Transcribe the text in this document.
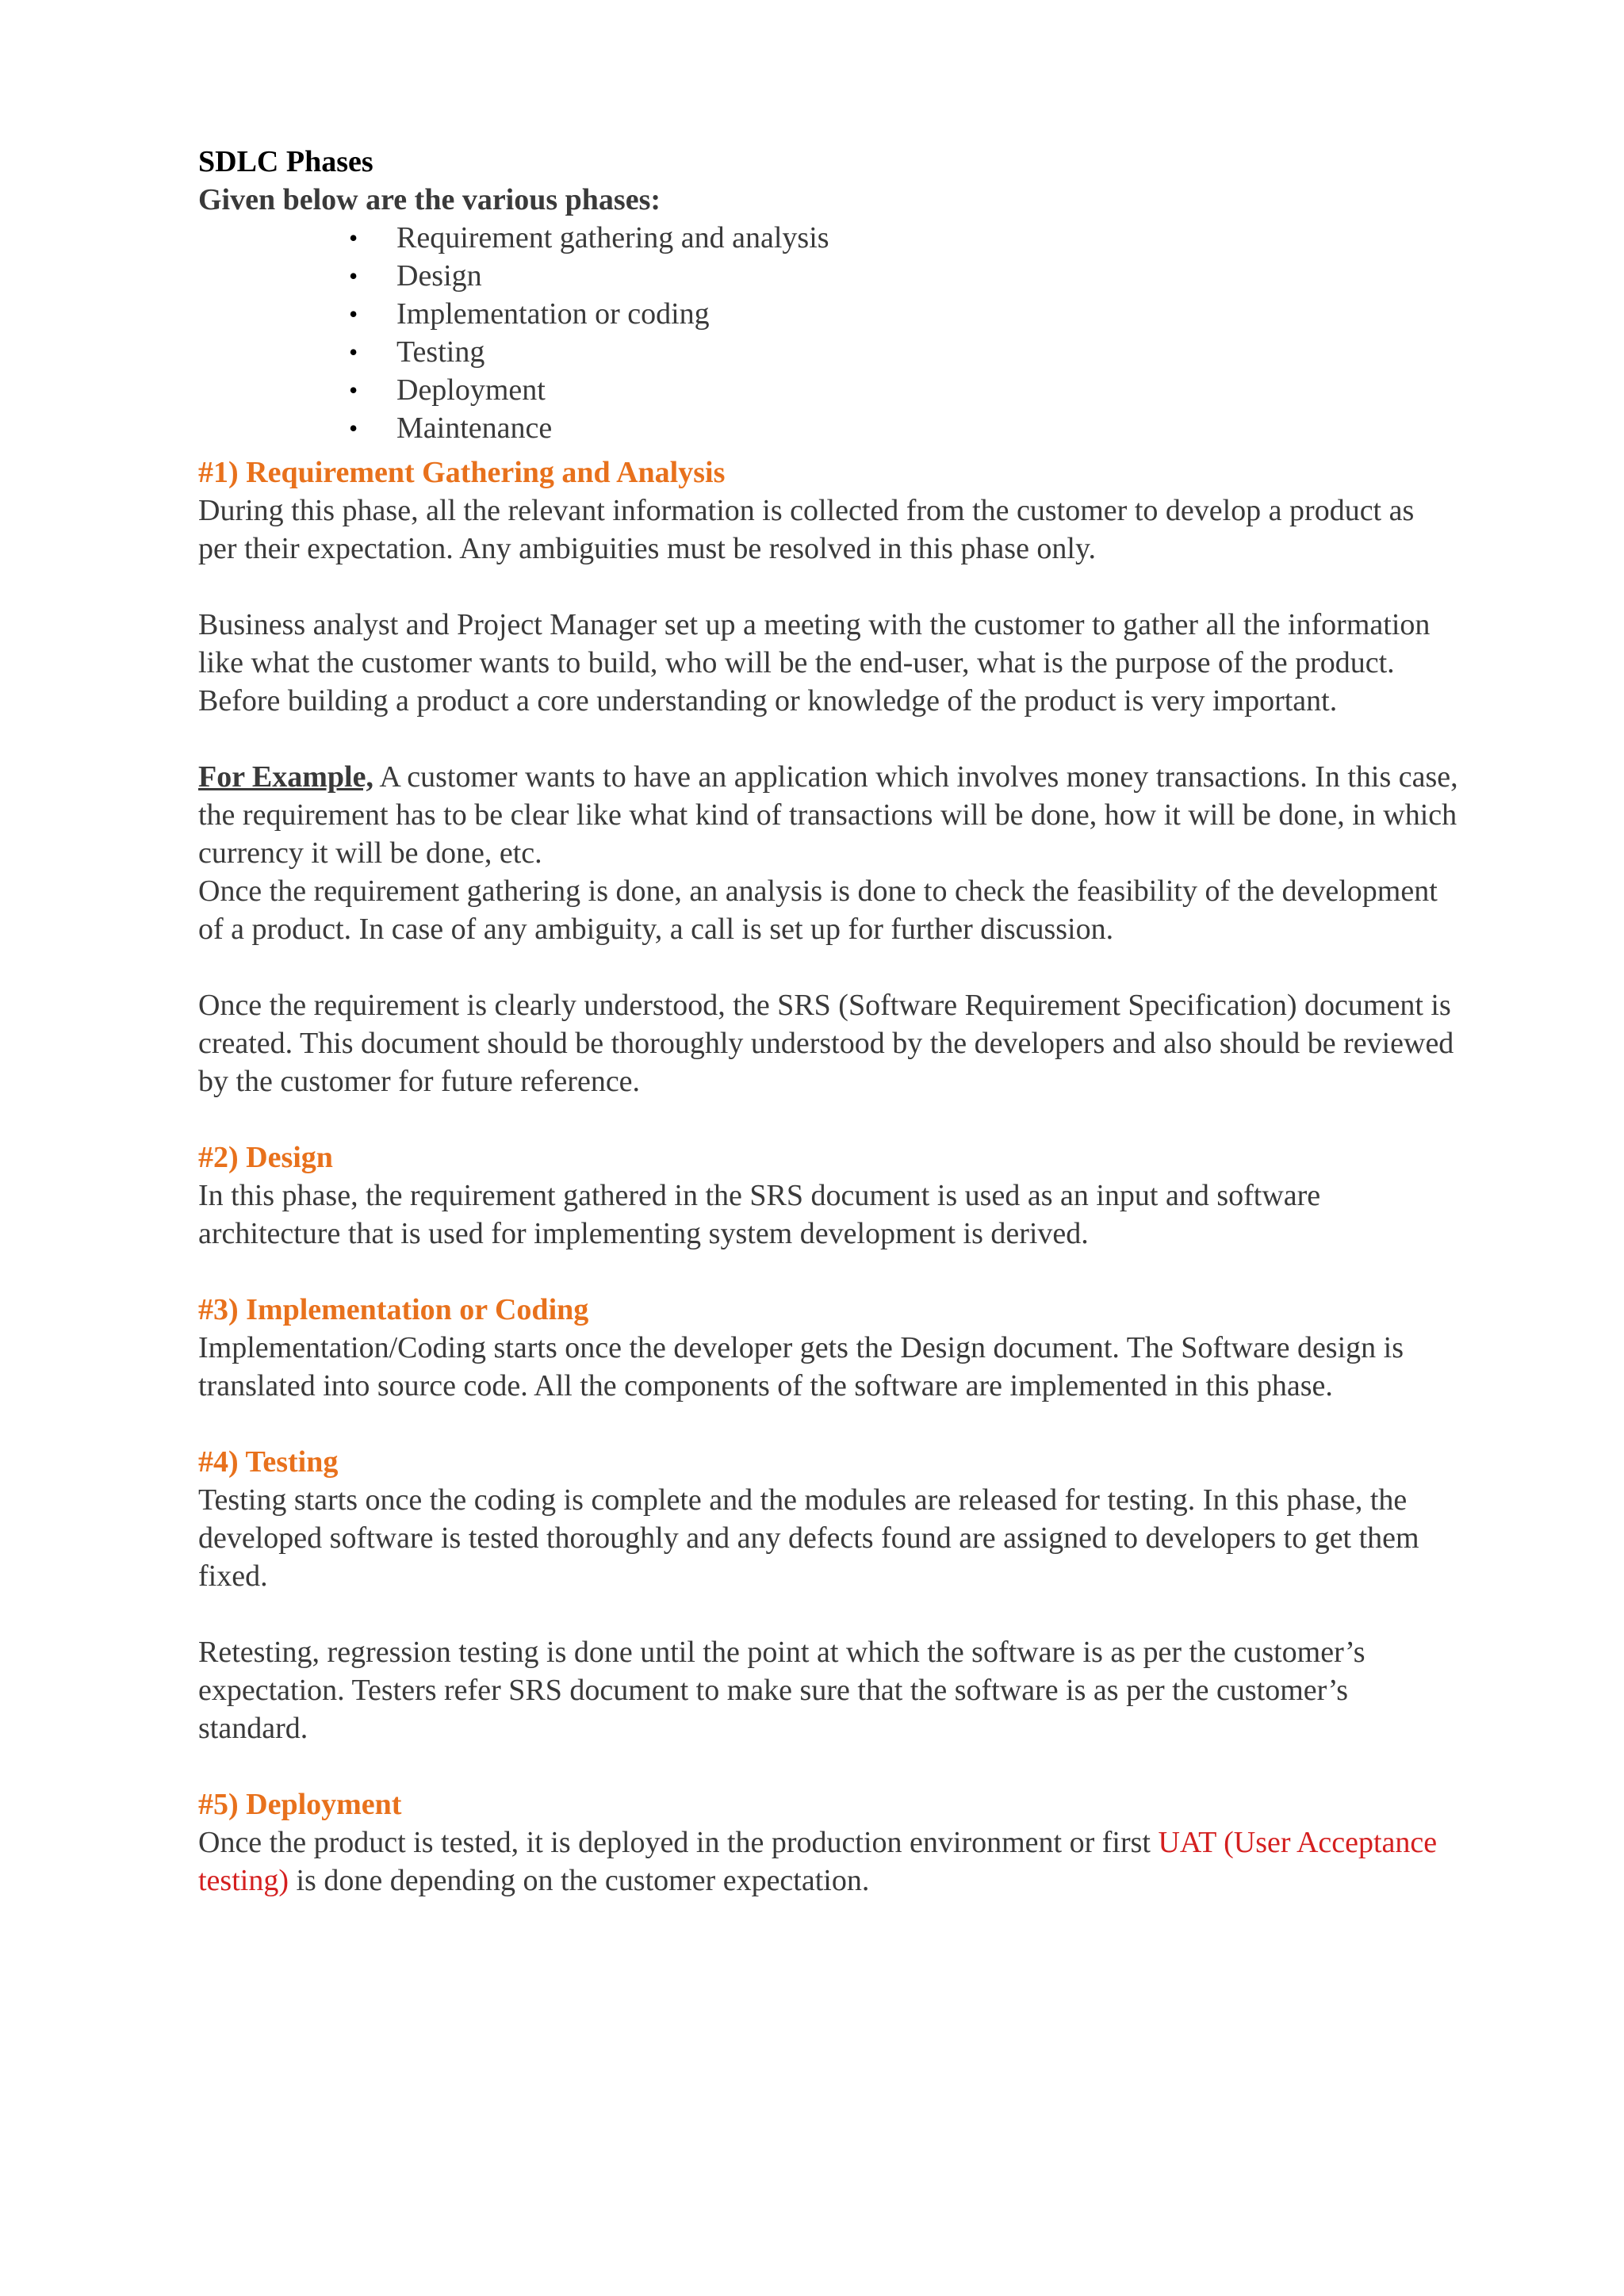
SDLC Phases

Given below are the various phases:

• Requirement gathering and analysis
• Design
• Implementation or coding
• Testing
• Deployment
• Maintenance

#1) Requirement Gathering and Analysis

During this phase, all the relevant information is collected from the customer to develop a product as per their expectation. Any ambiguities must be resolved in this phase only.

Business analyst and Project Manager set up a meeting with the customer to gather all the information like what the customer wants to build, who will be the end-user, what is the purpose of the product. Before building a product a core understanding or knowledge of the product is very important.

For Example, A customer wants to have an application which involves money transactions. In this case, the requirement has to be clear like what kind of transactions will be done, how it will be done, in which currency it will be done, etc.

Once the requirement gathering is done, an analysis is done to check the feasibility of the development of a product. In case of any ambiguity, a call is set up for further discussion.

Once the requirement is clearly understood, the SRS (Software Requirement Specification) document is created. This document should be thoroughly understood by the developers and also should be reviewed by the customer for future reference.

#2) Design

In this phase, the requirement gathered in the SRS document is used as an input and software architecture that is used for implementing system development is derived.

#3) Implementation or Coding

Implementation/Coding starts once the developer gets the Design document. The Software design is translated into source code. All the components of the software are implemented in this phase.

#4) Testing

Testing starts once the coding is complete and the modules are released for testing. In this phase, the developed software is tested thoroughly and any defects found are assigned to developers to get them fixed.

Retesting, regression testing is done until the point at which the software is as per the customer’s expectation. Testers refer SRS document to make sure that the software is as per the customer’s standard.

#5) Deployment

Once the product is tested, it is deployed in the production environment or first UAT (User Acceptance testing) is done depending on the customer expectation.
